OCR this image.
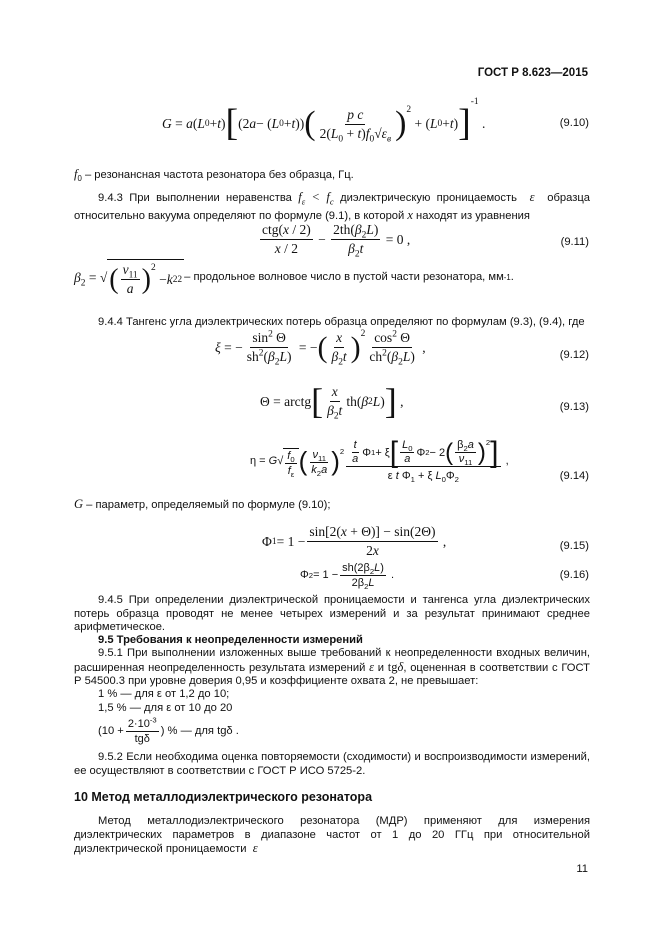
ГОСТ Р 8.623—2015
G = a ( L 0 + t ) [ (2 a − ( L 0 + t )) ( $\frac{\text{p c}}{2(L_0 + t)f_0√\varepsilon_в} )^2$
+ ( L 0 + t ) ]
$^{-1}$
.	(9.10)
$f_0$ – резонансная частота резонатора без образца, Гц.
9.4.3 При выполнении неравенства $f_\varepsilon < f_c$ диэлектрическую проницаемость  ε  образца относительно вакуума определяют по формуле (9.1), в которой x находят из уравнения
$\frac{\text{ctg(x / 2)}}{x / 2} - \frac{2th(\beta_2L)}{\beta_2t} = 0$ ,	(9.11)
$\beta_2$ = √ ( $\frac{\nu_{11}}{a} )^2$
− k 2 2 – продольное волновое число в пустой части резонатора, мм -1 .
9.4.4 Тангенс угла диэлектрических потерь образца определяют по формулам (9.3), (9.4), где
ξ = − $\frac{\sin^2 \Theta}{sh^2(\beta_2L)}$ = − ( $\frac{x}{\beta_2t} )^2 \frac{\cos^2 \Theta}{ch^2(\beta_2L)}$ ,
(9.12)
Θ = arctg [ $\frac{x}{\beta_2t} th$( β 2 L ) ] ,	(9.13)
$\eta = G√ \frac{f_0}{f_\varepsilon}$ ( $\frac{\nu_{11}}{k_2a} )^2 \frac{t}{a}$ Φ 1 + ξ [ $\frac{L_0}{a}$ Φ 2 − 2 ( $\frac{\beta_2a}{\nu_{11}} )^2$ ]
ε t $\Phi_1 + \xi$ $L_0\Phi_2$
,
(9.14)
G – параметр, определяемый по формуле (9.10);
Φ $1 = 1 - \frac{\sin[2(x + \Theta)] - \sin(2\Theta)}{2x}$ ,	(9.15)
Φ $2 = 1 - \frac{sh(2\beta_2L)}{2\beta_2L}$ .	(9.16)
9.4.5 При определении диэлектрической проницаемости и тангенса угла диэлектрических потерь образца проводят не менее четырех измерений и за результат принимают среднее арифметическое.
9.5 Требования к неопределенности измерений
9.5.1 При выполнении изложенных выше требований к неопределенности входных величин, расширенная неопределенность результата измерений ε и tgδ, оцененная в соответствии с ГОСТ Р 54500.3 при уровне доверия 0,95 и коэффициенте охвата 2, не превышает:
1 % — для ε от 1,2 до 10;
1,5 % — для ε от 10 до 20
($10 + \frac{2\cdot 10^{-3}}{\text{tgδ}}$ ) % — для tgδ .
9.5.2 Если необходима оценка повторяемости (сходимости) и воспроизводимости измерений, ее осуществляют в соответствии с ГОСТ Р ИСО 5725-2.
10 Метод металлодиэлектрического резонатора
Метод металлодиэлектрического резонатора (МДР) применяют для измерения диэлектрических параметров в диапазоне частот от 1 до 20 ГГц при относительной диэлектрической проницаемости  ε
11
